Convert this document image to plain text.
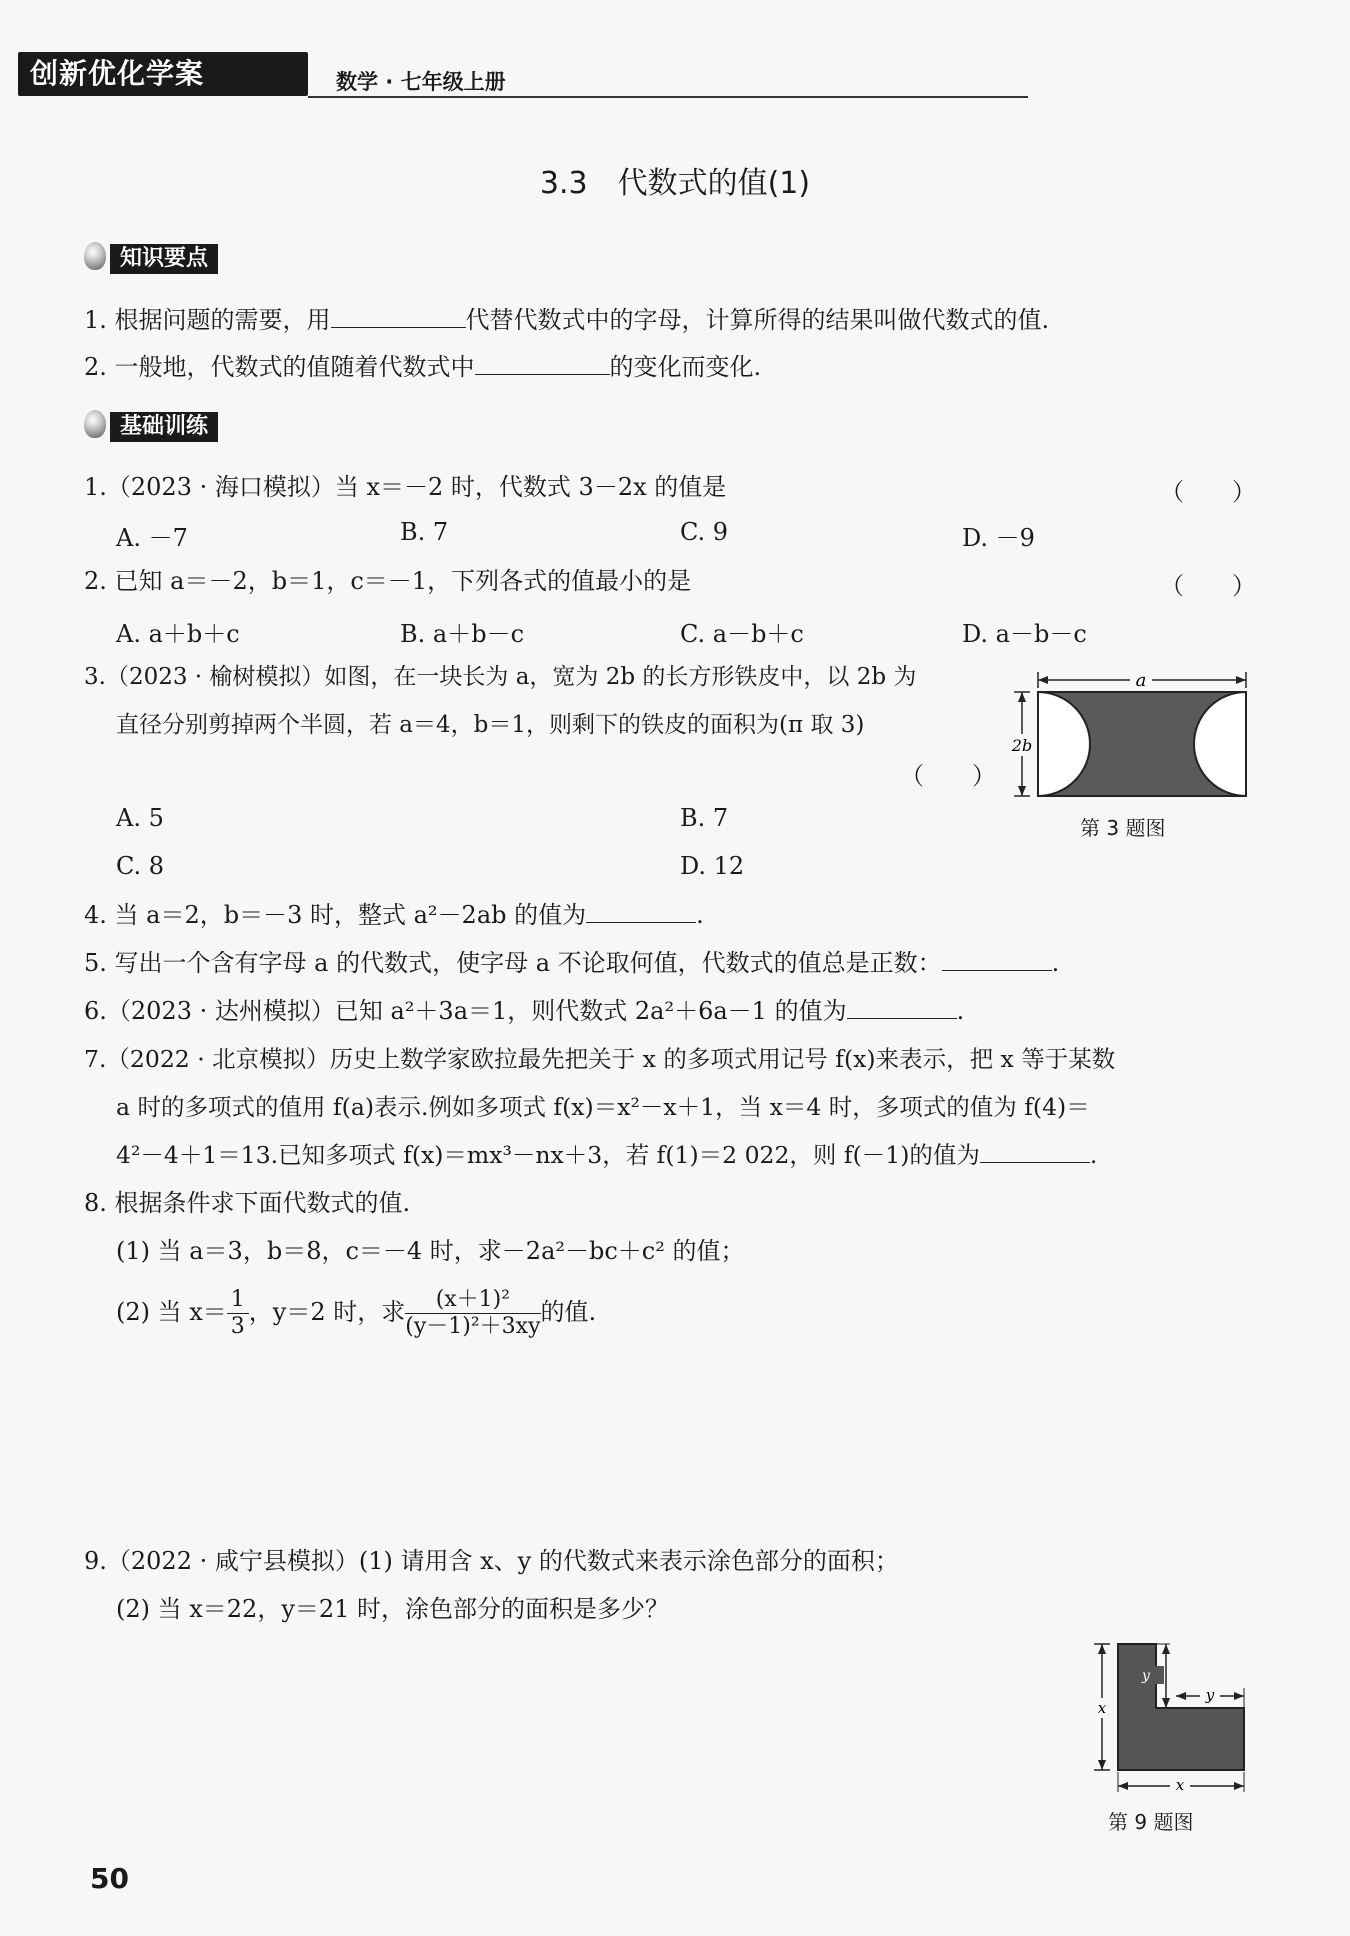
创新优化学案	数学 · 七年级上册
3.3　代数式的值(1)
知识要点
1. 根据问题的需要，用	代替代数式中的字母，计算所得的结果叫做代数式的值.
2. 一般地，代数式的值随着代数式中	的变化而变化.
基础训练
1.（2023 · 海口模拟）当 x＝－2 时，代数式 3－2x 的值是	（　　）
A. －7	B. 7	C. 9	D. －9
2. 已知 a＝－2，b＝1，c＝－1，下列各式的值最小的是	（　　）
A. a＋b＋c	B. a＋b－c	C. a－b＋c	D. a－b－c
3.（2023 · 榆树模拟）如图，在一块长为 a，宽为 2b 的长方形铁皮中，以 2b 为
直径分别剪掉两个半圆，若 a＝4，b＝1，则剩下的铁皮的面积为(π 取 3)
（　　）
A. 5	B. 7
C. 8	D. 12
a
2b
第 3 题图
4. 当 a＝2，b＝－3 时，整式 a²－2ab 的值为	.
5. 写出一个含有字母 a 的代数式，使字母 a 不论取何值，代数式的值总是正数：	.
6.（2023 · 达州模拟）已知 a²＋3a＝1，则代数式 2a²＋6a－1 的值为	.
7.（2022 · 北京模拟）历史上数学家欧拉最先把关于 x 的多项式用记号 f(x)来表示，把 x 等于某数
a 时的多项式的值用 f(a)表示.例如多项式 f(x)＝x²－x＋1，当 x＝4 时，多项式的值为 f(4)＝
4²－4＋1＝13.已知多项式 f(x)＝mx³－nx＋3，若 f(1)＝2 022，则 f(－1)的值为	.
8. 根据条件求下面代数式的值.
(1) 当 a＝3，b＝8，c＝－4 时，求－2a²－bc＋c² 的值；
(2) 当 $x= \frac{1}{3}$ ，y＝2 时，求 $\frac{\text{(x＋1)²}}{\text{(y－1)²＋3xy}}$ 的值.
9.（2022 · 咸宁县模拟）(1) 请用含 x、y 的代数式来表示涂色部分的面积；
(2) 当 x＝22，y＝21 时，涂色部分的面积是多少？
x
y
y
x
第 9 题图
50
